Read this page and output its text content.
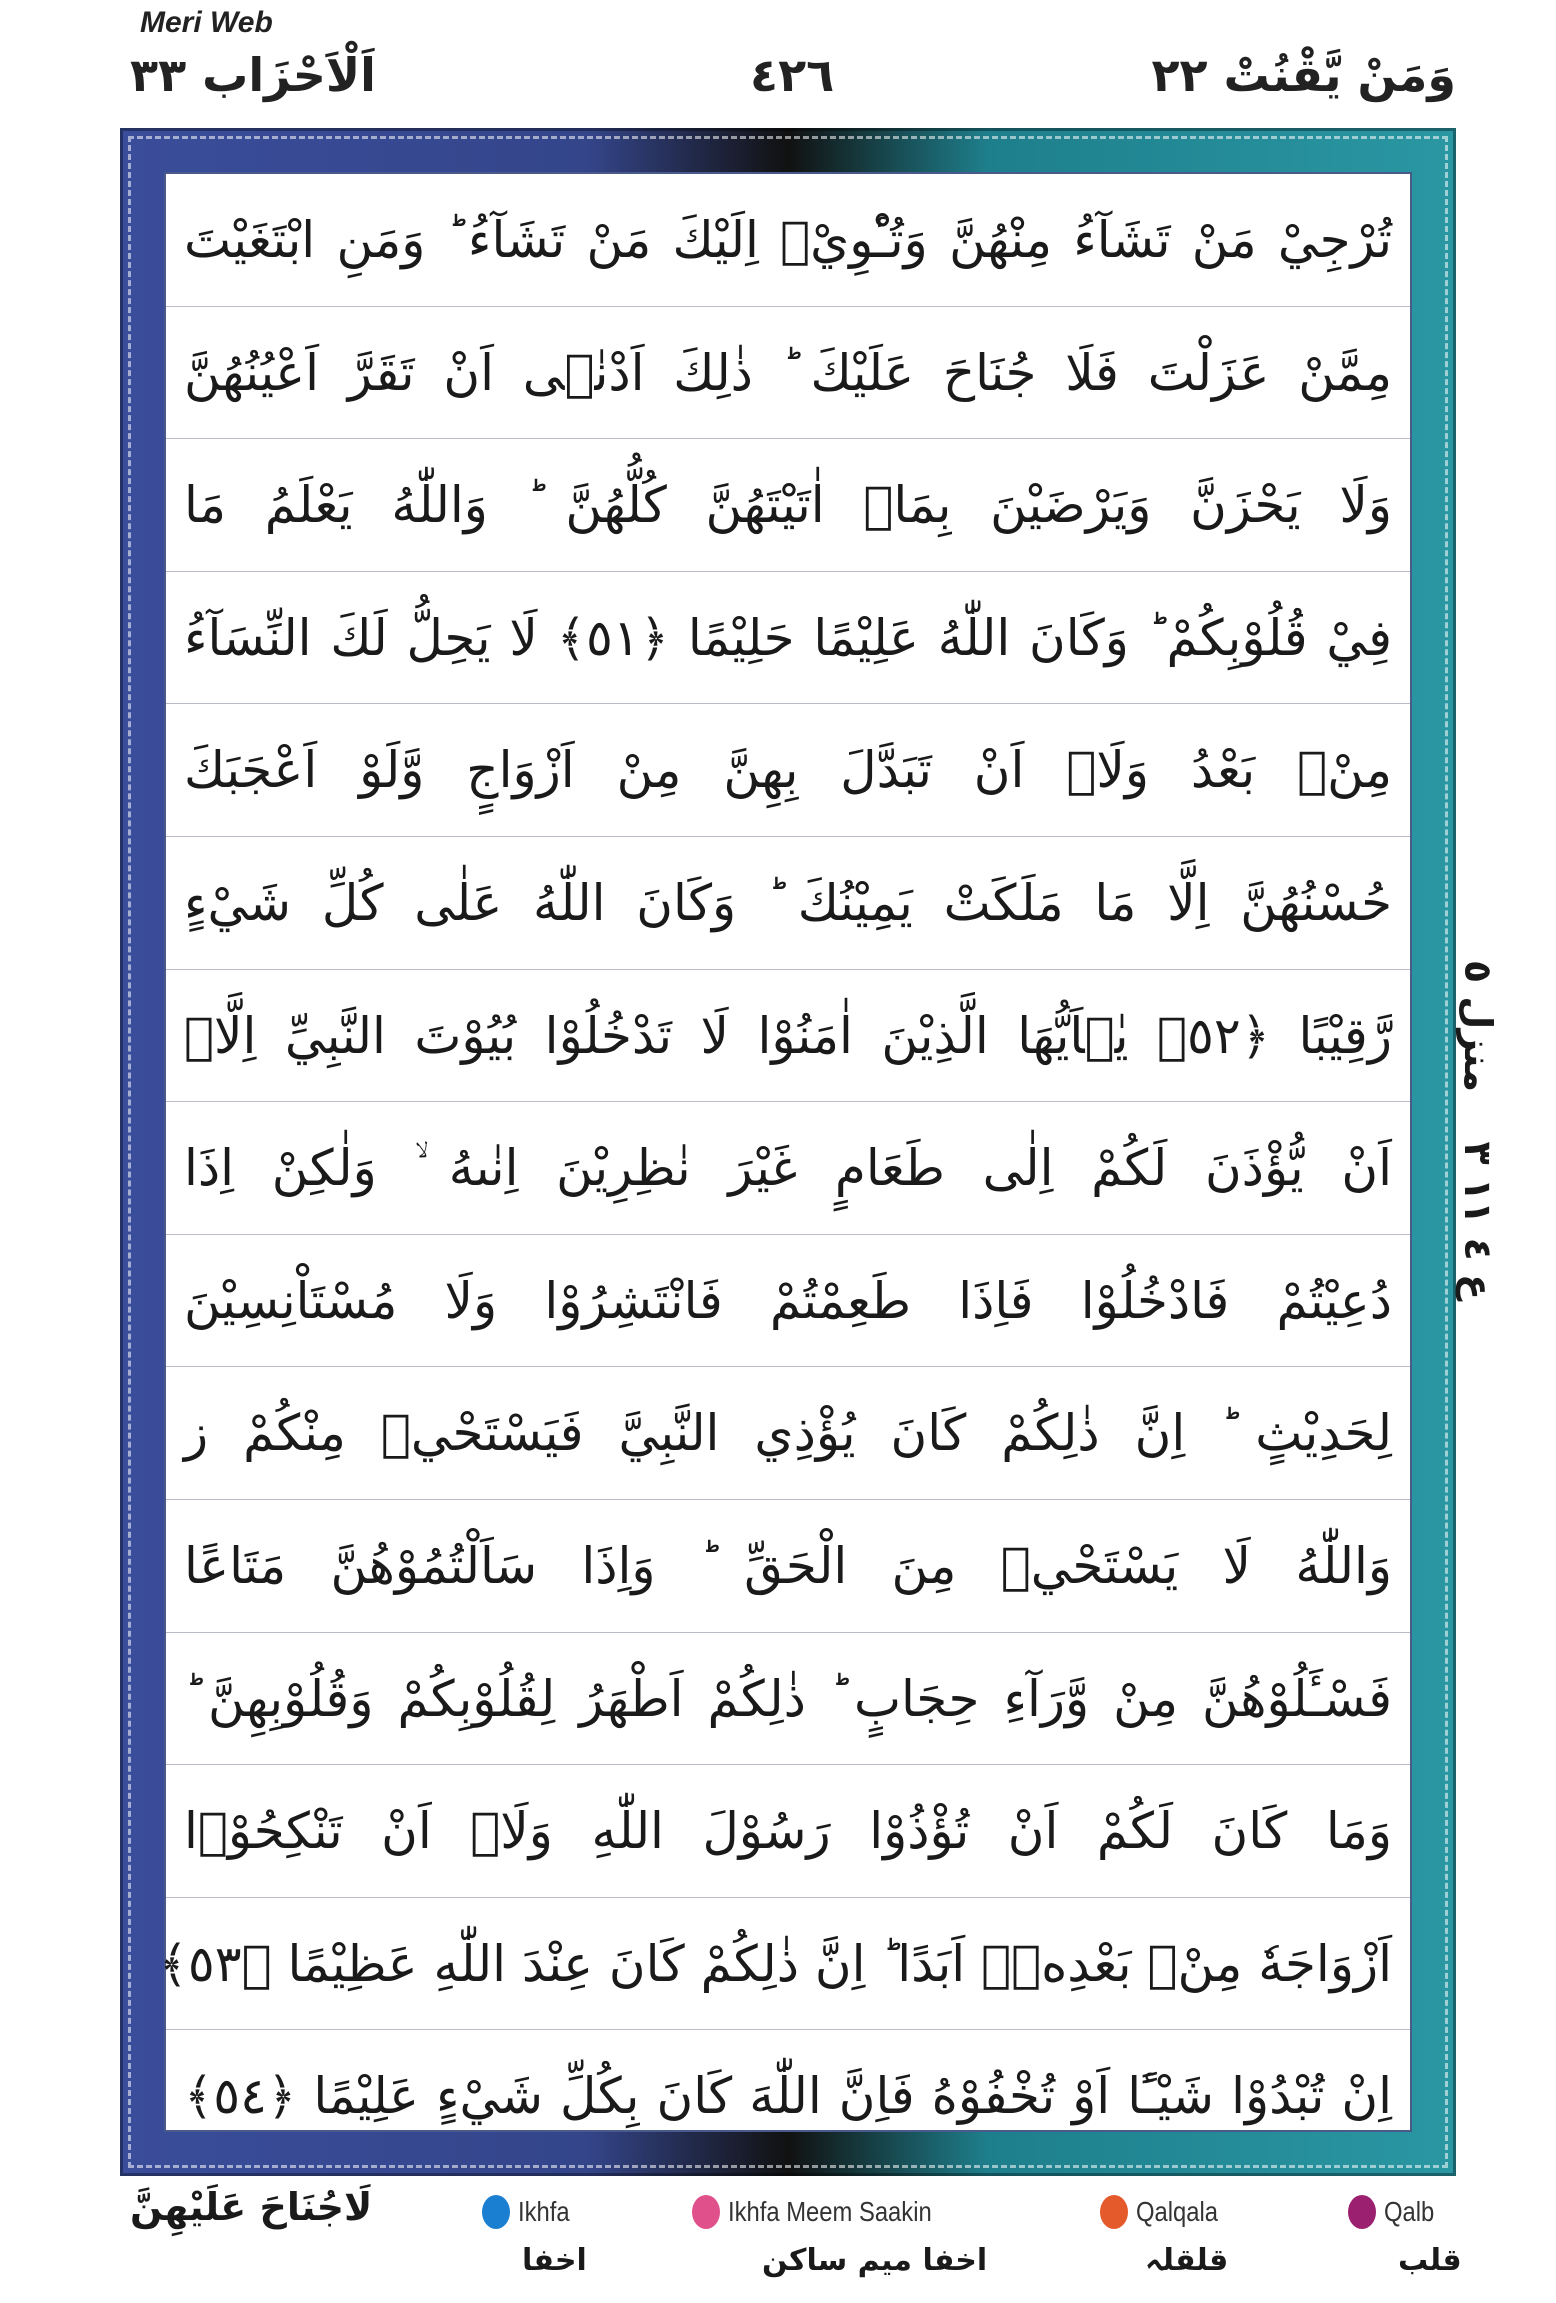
Meri Web
اَلْاَحْزَاب ٣٣	٤٢٦	وَمَنْ يَّقْنُتْ ٢٢
تُرْجِيْ مَنْ تَشَآءُ مِنْهُنَّ وَتُـْٔوِيْۤ اِلَيْكَ مَنْ تَشَآءُ ؕ وَمَنِ ابْتَغَيْتَ
مِمَّنْ عَزَلْتَ فَلَا جُنَاحَ عَلَيْكَ ؕ ذٰلِكَ اَدْنٰۤى اَنْ تَقَرَّ اَعْيُنُهُنَّ
وَلَا يَحْزَنَّ وَيَرْضَيْنَ بِمَاۤ اٰتَيْتَهُنَّ كُلُّهُنَّ ؕ وَاللّٰهُ يَعْلَمُ مَا
فِيْ قُلُوْبِكُمْ ؕ وَكَانَ اللّٰهُ عَلِيْمًا حَلِيْمًا ﴿٥١﴾ لَا يَحِلُّ لَكَ النِّسَآءُ
مِنْۢ بَعْدُ وَلَاۤ اَنْ تَبَدَّلَ بِهِنَّ مِنْ اَزْوَاجٍ وَّلَوْ اَعْجَبَكَ
حُسْنُهُنَّ اِلَّا مَا مَلَكَتْ يَمِيْنُكَ ؕ وَكَانَ اللّٰهُ عَلٰى كُلِّ شَيْءٍ
رَّقِيْبًا ﴿٥٢﴾ يٰۤاَيُّهَا الَّذِيْنَ اٰمَنُوْا لَا تَدْخُلُوْا بُيُوْتَ النَّبِيِّ اِلَّاۤ
اَنْ يُّؤْذَنَ لَكُمْ اِلٰى طَعَامٍ غَيْرَ نٰظِرِيْنَ اِنٰىهُ ۙ وَلٰكِنْ اِذَا
دُعِيْتُمْ فَادْخُلُوْا فَاِذَا طَعِمْتُمْ فَانْتَشِرُوْا وَلَا مُسْتَاْنِسِيْنَ
لِحَدِيْثٍ ؕ اِنَّ ذٰلِكُمْ كَانَ يُؤْذِي النَّبِيَّ فَيَسْتَحْيٖ مِنْكُمْ ز
وَاللّٰهُ لَا يَسْتَحْيٖ مِنَ الْحَقِّ ؕ وَاِذَا سَاَلْتُمُوْهُنَّ مَتَاعًا
فَسْـَٔلُوْهُنَّ مِنْ وَّرَآءِ حِجَابٍ ؕ ذٰلِكُمْ اَطْهَرُ لِقُلُوْبِكُمْ وَقُلُوْبِهِنَّ ؕ
وَمَا كَانَ لَكُمْ اَنْ تُؤْذُوْا رَسُوْلَ اللّٰهِ وَلَاۤ اَنْ تَنْكِحُوْۤا
اَزْوَاجَهٗ مِنْۢ بَعْدِهٖۤ اَبَدًا ؕ اِنَّ ذٰلِكُمْ كَانَ عِنْدَ اللّٰهِ عَظِيْمًا ﴿٥٣﴾
اِنْ تُبْدُوْا شَيْـًٔا اَوْ تُخْفُوْهُ فَاِنَّ اللّٰهَ كَانَ بِكُلِّ شَيْءٍ عَلِيْمًا ﴿٥٤﴾
ع ٤ ١١ ٣
منزل ٥
لَاجُنَاحَ عَلَيْهِنَّ	Ikhfa
اخفا
Ikhfa Meem Saakin
اخفا میم ساکن
Qalqala
قلقلہ
Qalb
قلب
